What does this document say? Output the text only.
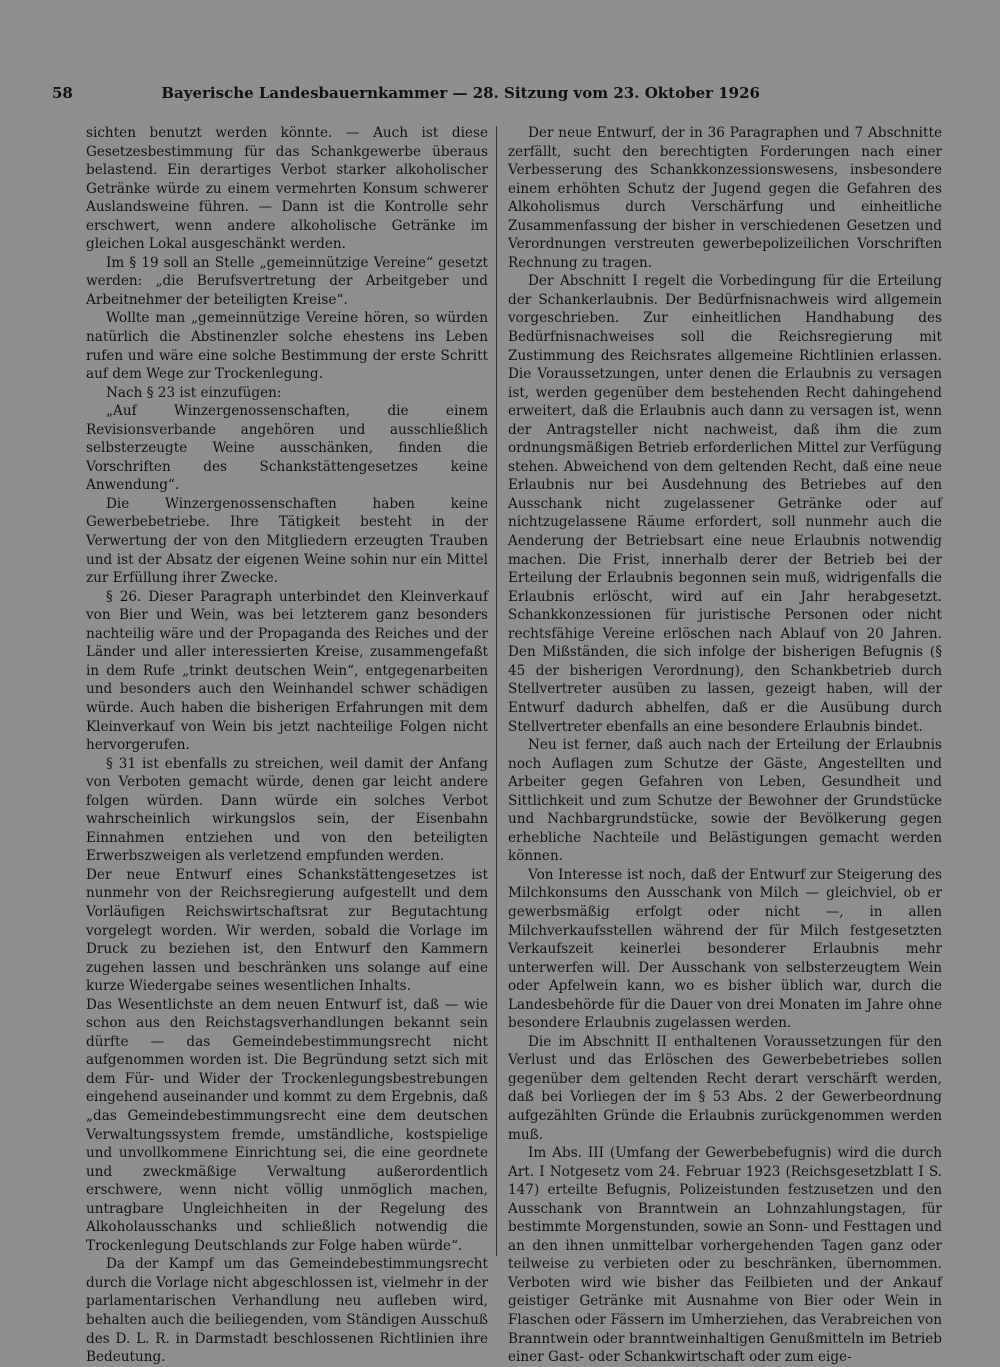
58	Bayerische Landesbauernkammer — 28. Sitzung vom 23. Oktober 1926

sichten benutzt werden könnte. — Auch ist diese Gesetzesbestimmung für das Schankgewerbe überaus belastend. Ein derartiges Verbot starker alkoholischer Getränke würde zu einem vermehrten Konsum schwerer Auslandsweine führen. — Dann ist die Kontrolle sehr erschwert, wenn andere alkoholische Getränke im gleichen Lokal ausgeschänkt werden.

Im § 19 soll an Stelle „gemeinnützige Vereine“ gesetzt werden: „die Berufsvertretung der Arbeitgeber und Arbeitnehmer der beteiligten Kreise“.

Wollte man „gemeinnützige Vereine hören, so würden natürlich die Abstinenzler solche ehestens ins Leben rufen und wäre eine solche Bestimmung der erste Schritt auf dem Wege zur Trockenlegung.

Nach § 23 ist einzufügen:

„Auf Winzergenossenschaften, die einem Revisionsverbande angehören und ausschließlich selbsterzeugte Weine ausschänken, finden die Vorschriften des Schankstättengesetzes keine Anwendung“.

Die Winzergenossenschaften haben keine Gewerbebetriebe. Ihre Tätigkeit besteht in der Verwertung der von den Mitgliedern erzeugten Trauben und ist der Absatz der eigenen Weine sohin nur ein Mittel zur Erfüllung ihrer Zwecke.

§ 26. Dieser Paragraph unterbindet den Kleinverkauf von Bier und Wein, was bei letzterem ganz besonders nachteilig wäre und der Propaganda des Reiches und der Länder und aller interessierten Kreise, zusammengefaßt in dem Rufe „trinkt deutschen Wein“, entgegenarbeiten und besonders auch den Weinhandel schwer schädigen würde. Auch haben die bisherigen Erfahrungen mit dem Kleinverkauf von Wein bis jetzt nachteilige Folgen nicht hervorgerufen.

§ 31 ist ebenfalls zu streichen, weil damit der Anfang von Verboten gemacht würde, denen gar leicht andere folgen würden. Dann würde ein solches Verbot wahrscheinlich wirkungslos sein, der Eisenbahn Einnahmen entziehen und von den beteiligten Erwerbszweigen als verletzend empfunden werden.

Der neue Entwurf eines Schankstättengesetzes ist nunmehr von der Reichsregierung aufgestellt und dem Vorläufigen Reichswirtschaftsrat zur Begutachtung vorgelegt worden. Wir werden, sobald die Vorlage im Druck zu beziehen ist, den Entwurf den Kammern zugehen lassen und beschränken uns solange auf eine kurze Wiedergabe seines wesentlichen Inhalts.

Das Wesentlichste an dem neuen Entwurf ist, daß — wie schon aus den Reichstagsverhandlungen bekannt sein dürfte — das Gemeindebestimmungsrecht nicht aufgenommen worden ist. Die Begründung setzt sich mit dem Für- und Wider der Trockenlegungsbestrebungen eingehend auseinander und kommt zu dem Ergebnis, daß „das Gemeindebestimmungsrecht eine dem deutschen Verwaltungssystem fremde, umständliche, kostspielige und unvollkommene Einrichtung sei, die eine geordnete und zweckmäßige Verwaltung außerordentlich erschwere, wenn nicht völlig unmöglich machen, untragbare Ungleichheiten in der Regelung des Alkoholausschanks und schließlich notwendig die Trockenlegung Deutschlands zur Folge haben würde“.

Da der Kampf um das Gemeindebestimmungsrecht durch die Vorlage nicht abgeschlossen ist, vielmehr in der parlamentarischen Verhandlung neu aufleben wird, behalten auch die beiliegenden, vom Ständigen Ausschuß des D. L. R. in Darmstadt beschlossenen Richtlinien ihre Bedeutung.

Der neue Entwurf, der in 36 Paragraphen und 7 Abschnitte zerfällt, sucht den berechtigten Forderungen nach einer Verbesserung des Schankkonzessionswesens, insbesondere einem erhöhten Schutz der Jugend gegen die Gefahren des Alkoholismus durch Verschärfung und einheitliche Zusammenfassung der bisher in verschiedenen Gesetzen und Verordnungen verstreuten gewerbepolizeilichen Vorschriften Rechnung zu tragen.

Der Abschnitt I regelt die Vorbedingung für die Erteilung der Schankerlaubnis. Der Bedürfnisnachweis wird allgemein vorgeschrieben. Zur einheitlichen Handhabung des Bedürfnisnachweises soll die Reichsregierung mit Zustimmung des Reichsrates allgemeine Richtlinien erlassen. Die Voraussetzungen, unter denen die Erlaubnis zu versagen ist, werden gegenüber dem bestehenden Recht dahingehend erweitert, daß die Erlaubnis auch dann zu versagen ist, wenn der Antragsteller nicht nachweist, daß ihm die zum ordnungsmäßigen Betrieb erforderlichen Mittel zur Verfügung stehen. Abweichend von dem geltenden Recht, daß eine neue Erlaubnis nur bei Ausdehnung des Betriebes auf den Ausschank nicht zugelassener Getränke oder auf nichtzugelassene Räume erfordert, soll nunmehr auch die Aenderung der Betriebsart eine neue Erlaubnis notwendig machen. Die Frist, innerhalb derer der Betrieb bei der Erteilung der Erlaubnis begonnen sein muß, widrigenfalls die Erlaubnis erlöscht, wird auf ein Jahr herabgesetzt. Schankkonzessionen für juristische Personen oder nicht rechtsfähige Vereine erlöschen nach Ablauf von 20 Jahren. Den Mißständen, die sich infolge der bisherigen Befugnis (§ 45 der bisherigen Verordnung), den Schankbetrieb durch Stellvertreter ausüben zu lassen, gezeigt haben, will der Entwurf dadurch abhelfen, daß er die Ausübung durch Stellvertreter ebenfalls an eine besondere Erlaubnis bindet.

Neu ist ferner, daß auch nach der Erteilung der Erlaubnis noch Auflagen zum Schutze der Gäste, Angestellten und Arbeiter gegen Gefahren von Leben, Gesundheit und Sittlichkeit und zum Schutze der Bewohner der Grundstücke und Nachbargrundstücke, sowie der Bevölkerung gegen erhebliche Nachteile und Belästigungen gemacht werden können.

Von Interesse ist noch, daß der Entwurf zur Steigerung des Milchkonsums den Ausschank von Milch — gleichviel, ob er gewerbsmäßig erfolgt oder nicht —, in allen Milchverkaufsstellen während der für Milch festgesetzten Verkaufszeit keinerlei besonderer Erlaubnis mehr unterwerfen will. Der Ausschank von selbsterzeugtem Wein oder Apfelwein kann, wo es bisher üblich war, durch die Landesbehörde für die Dauer von drei Monaten im Jahre ohne besondere Erlaubnis zugelassen werden.

Die im Abschnitt II enthaltenen Voraussetzungen für den Verlust und das Erlöschen des Gewerbebetriebes sollen gegenüber dem geltenden Recht derart verschärft werden, daß bei Vorliegen der im § 53 Abs. 2 der Gewerbeordnung aufgezählten Gründe die Erlaubnis zurückgenommen werden muß.

Im Abs. III (Umfang der Gewerbebefugnis) wird die durch Art. I Notgesetz vom 24. Februar 1923 (Reichsgesetzblatt I S. 147) erteilte Befugnis, Polizeistunden festzusetzen und den Ausschank von Branntwein an Lohnzahlungstagen, für bestimmte Morgenstunden, sowie an Sonn- und Festtagen und an den ihnen unmittelbar vorhergehenden Tagen ganz oder teilweise zu verbieten oder zu beschränken, übernommen. Verboten wird wie bisher das Feilbieten und der Ankauf geistiger Getränke mit Ausnahme von Bier oder Wein in Flaschen oder Fässern im Umherziehen, das Verabreichen von Branntwein oder branntweinhaltigen Genußmitteln im Betrieb einer Gast- oder Schankwirtschaft oder zum eige-
